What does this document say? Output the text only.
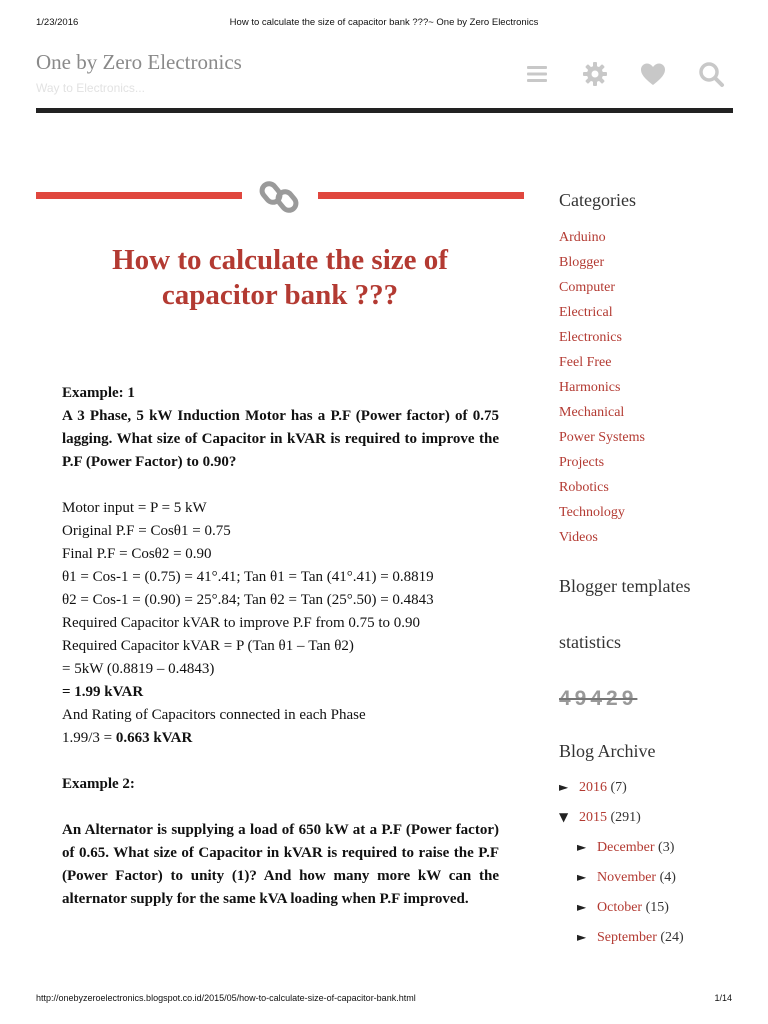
1/23/2016	How to calculate the size of capacitor bank ???~ One by Zero Electronics
One by Zero Electronics
Way to Electronics...
How to calculate the size of
capacitor bank ???

Example: 1

A 3 Phase, 5 kW Induction Motor has a P.F (Power factor) of 0.75 lagging. What size of Capacitor in kVAR is required to improve the P.F (Power Factor) to 0.90?

Motor input = P = 5 kW

Original P.F = Cosθ1 = 0.75

Final P.F = Cosθ2 = 0.90

θ1 = Cos-1 = (0.75) = 41°.41; Tan θ1 = Tan (41°.41) = 0.8819

θ2 = Cos-1 = (0.90) = 25°.84; Tan θ2 = Tan (25°.50) = 0.4843

Required Capacitor kVAR to improve P.F from 0.75 to 0.90

Required Capacitor kVAR = P (Tan θ1 – Tan θ2)

= 5kW (0.8819 – 0.4843)

= 1.99 kVAR

And Rating of Capacitors connected in each Phase

1.99/3 = 0.663 kVAR

Example 2:

An Alternator is supplying a load of 650 kW at a P.F (Power factor) of 0.65. What size of Capacitor in kVAR is required to raise the P.F (Power Factor) to unity (1)? And how many more kW can the alternator supply for the same kVA loading when P.F improved.

Categories
Arduino
Blogger
Computer
Electrical
Electronics
Feel Free
Harmonics
Mechanical
Power Systems
Projects
Robotics
Technology
Videos
Blogger templates
statistics
49429
Blog Archive
► 2016 (7)
▼ 2015 (291)
► December (3)
► November (4)
► October (15)
► September (24)
http://onebyzeroelectronics.blogspot.co.id/2015/05/how-to-calculate-size-of-capacitor-bank.html	1/14
